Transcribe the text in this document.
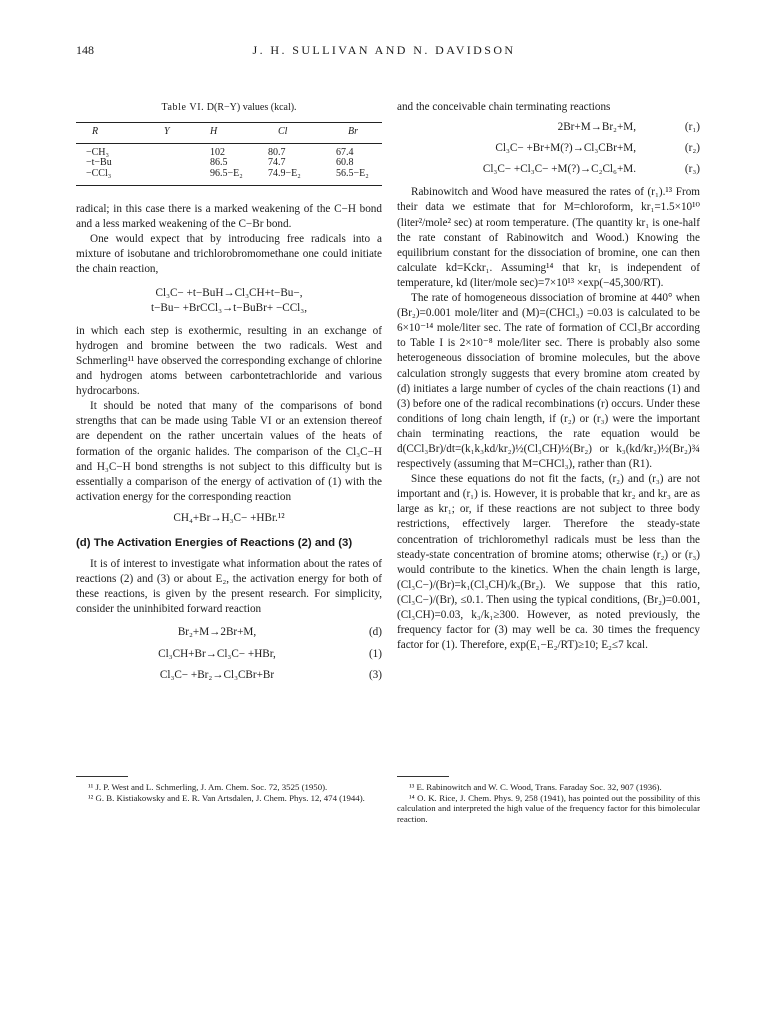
148	J. H. SULLIVAN AND N. DAVIDSON
Table VI. D(R−Y) values (kcal).
R	Y	H	Cl	Br
−CH₃		102	80.7	67.4
−t−Bu		86.5	74.7	60.8
−CCl₃		96.5−E₂	74.9−E₂	56.5−E₂

radical; in this case there is a marked weakening of the C−H bond and a less marked weakening of the C−Br bond.

One would expect that by introducing free radicals into a mixture of isobutane and trichlorobromomethane one could initiate the chain reaction,

Cl₃C− +t−BuH→Cl₃CH+t−Bu−,
t−Bu− +BrCCl₃→t−BuBr+ −CCl₃,

in which each step is exothermic, resulting in an exchange of hydrogen and bromine between the two radicals. West and Schmerling¹¹ have observed the corresponding exchange of chlorine and hydrogen atoms between carbontetrachloride and various hydrocarbons.

It should be noted that many of the comparisons of bond strengths that can be made using Table VI or an extension thereof are dependent on the rather uncertain values of the heats of formation of the organic halides. The comparison of the Cl₃C−H and H₃C−H bond strengths is not subject to this difficulty but is essentially a comparison of the energy of activation of (1) with the activation energy for the corresponding reaction

CH₄+Br→H₃C− +HBr.¹²
(d) The Activation Energies of Reactions (2) and (3)

It is of interest to investigate what information about the rates of reactions (2) and (3) or about E₂, the activation energy for both of these reactions, is given by the present research. For simplicity, consider the uninhibited forward reaction

Br₂+M→2Br+M,	(d)
Cl₃CH+Br→Cl₃C− +HBr,	(1)
Cl₃C− +Br₂→Cl₃CBr+Br	(3)

and the conceivable chain terminating reactions

2Br+M→Br₂+M,	(r₁)
Cl₃C− +Br+M(?)→Cl₃CBr+M,	(r₂)
Cl₃C− +Cl₃C− +M(?)→C₂Cl₆+M.	(r₃)

Rabinowitch and Wood have measured the rates of (r₁).¹³ From their data we estimate that for M=chloroform, kr₁=1.5×10¹⁰ (liter²/mole² sec) at room temperature. (The quantity kr₁ is one-half the rate constant of Rabinowitch and Wood.) Knowing the equilibrium constant for the dissociation of bromine, one can then calculate kd=Kckr₁. Assuming¹⁴ that kr₁ is independent of temperature, kd (liter/mole sec)=7×10¹³ ×exp(−45,300/RT).

The rate of homogeneous dissociation of bromine at 440° when (Br₂)=0.001 mole/liter and (M)=(CHCl₃) =0.03 is calculated to be 6×10⁻¹⁴ mole/liter sec. The rate of formation of CCl₃Br according to Table I is 2×10⁻⁸ mole/liter sec. There is probably also some heterogeneous dissociation of bromine molecules, but the above calculation strongly suggests that every bromine atom created by (d) initiates a large number of cycles of the chain reactions (1) and (3) before one of the radical recombinations (r) occurs. Under these conditions of long chain length, if (r₂) or (r₃) were the important chain terminating reactions, the rate equation would be d(CCl₃Br)/dt=(k₁k₃kd/kr₂)½(Cl₃CH)½(Br₂) or k₃(kd/kr₂)½(Br₂)¾ respectively (assuming that M=CHCl₃), rather than (R1).

Since these equations do not fit the facts, (r₂) and (r₃) are not important and (r₁) is. However, it is probable that kr₂ and kr₃ are as large as kr₁; or, if these reactions are not subject to three body restrictions, effectively larger. Therefore the steady-state concentration of trichloromethyl radicals must be less than the steady-state concentration of bromine atoms; otherwise (r₂) or (r₃) would contribute to the kinetics. When the chain length is large, (Cl₃C−)/(Br)=k₁(Cl₃CH)/k₃(Br₂). We suppose that this ratio, (Cl₃C−)/(Br), ≤0.1. Then using the typical conditions, (Br₂)=0.001, (Cl₃CH)=0.03, k₃/k₁≥300. However, as noted previously, the frequency factor for (3) may well be ca. 30 times the frequency factor for (1). Therefore, exp(E₁−E₂/RT)≥10; E₂≤7 kcal.

¹¹ J. P. West and L. Schmerling, J. Am. Chem. Soc. 72, 3525 (1950).

¹² G. B. Kistiakowsky and E. R. Van Artsdalen, J. Chem. Phys. 12, 474 (1944).

¹³ E. Rabinowitch and W. C. Wood, Trans. Faraday Soc. 32, 907 (1936).

¹⁴ O. K. Rice, J. Chem. Phys. 9, 258 (1941), has pointed out the possibility of this calculation and interpreted the high value of the frequency factor for this bimolecular reaction.
